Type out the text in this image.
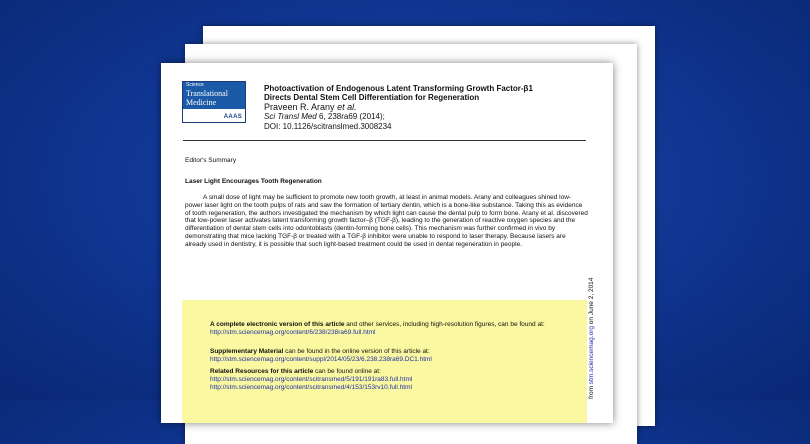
Science
Translational
Medicine
AAAS
Photoactivation of Endogenous Latent Transforming Growth Factor-β1
Directs Dental Stem Cell Differentiation for Regeneration
Praveen R. Arany et al.
Sci Transl Med 6, 238ra69 (2014);
DOI: 10.1126/scitranslmed.3008234
Editor's Summary
Laser Light Encourages Tooth Regeneration
A small dose of light may be sufficient to promote new tooth growth, at least in animal models. Arany and colleagues shined low-power laser light on the tooth pulps of rats and saw the formation of tertiary dentin, which is a bone-like substance. Taking this as evidence of tooth regeneration, the authors investigated the mechanism by which light can cause the dental pulp to form bone. Arany et al. discovered that low-power laser activates latent transforming growth factor–β (TGF-β), leading to the generation of reactive oxygen species and the differentiation of dental stem cells into odontoblasts (dentin-forming bone cells). This mechanism was further confirmed in vivo by demonstrating that mice lacking TGF-β or treated with a TGF-β inhibitor were unable to respond to laser therapy. Because lasers are already used in dentistry, it is possible that such light-based treatment could be used in dental regeneration in people.
A complete electronic version of this article and other services, including high-resolution figures, can be found at:
http://stm.sciencemag.org/content/6/238/238ra69.full.html
Supplementary Material can be found in the online version of this article at:
http://stm.sciencemag.org/content/suppl/2014/05/23/6.238.238ra69.DC1.html
Related Resources for this article can be found online at:
http://stm.sciencemag.org/content/scitransmed/5/191/191ra83.full.html
http://stm.sciencemag.org/content/scitransmed/4/153/153rv10.full.html	from stm.sciencemag.org on June 2, 2014
